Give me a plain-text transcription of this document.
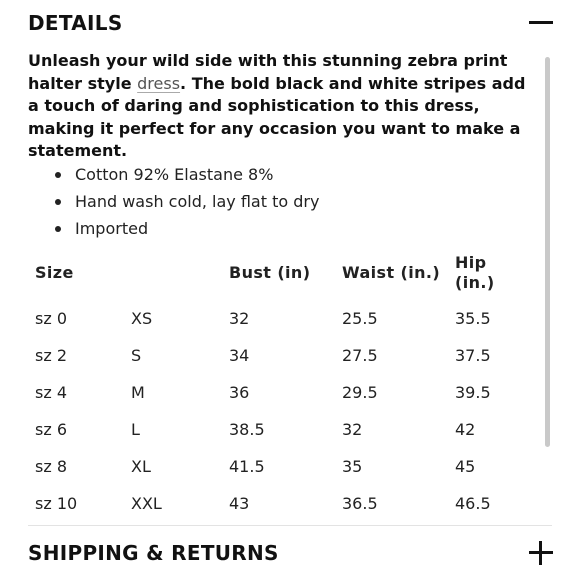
DETAILS

Unleash your wild side with this stunning zebra print halter style dress. The bold black and white stripes add a touch of daring and sophistication to this dress, making it perfect for any occasion you want to make a statement.

Cotton 92% Elastane 8%
Hand wash cold, lay flat to dry
Imported
Size		Bust (in)	Waist (in.)	Hip (in.)
sz 0	XS	32	25.5	35.5
sz 2	S	34	27.5	37.5
sz 4	M	36	29.5	39.5
sz 6	L	38.5	32	42
sz 8	XL	41.5	35	45
sz 10	XXL	43	36.5	46.5
SHIPPING & RETURNS
